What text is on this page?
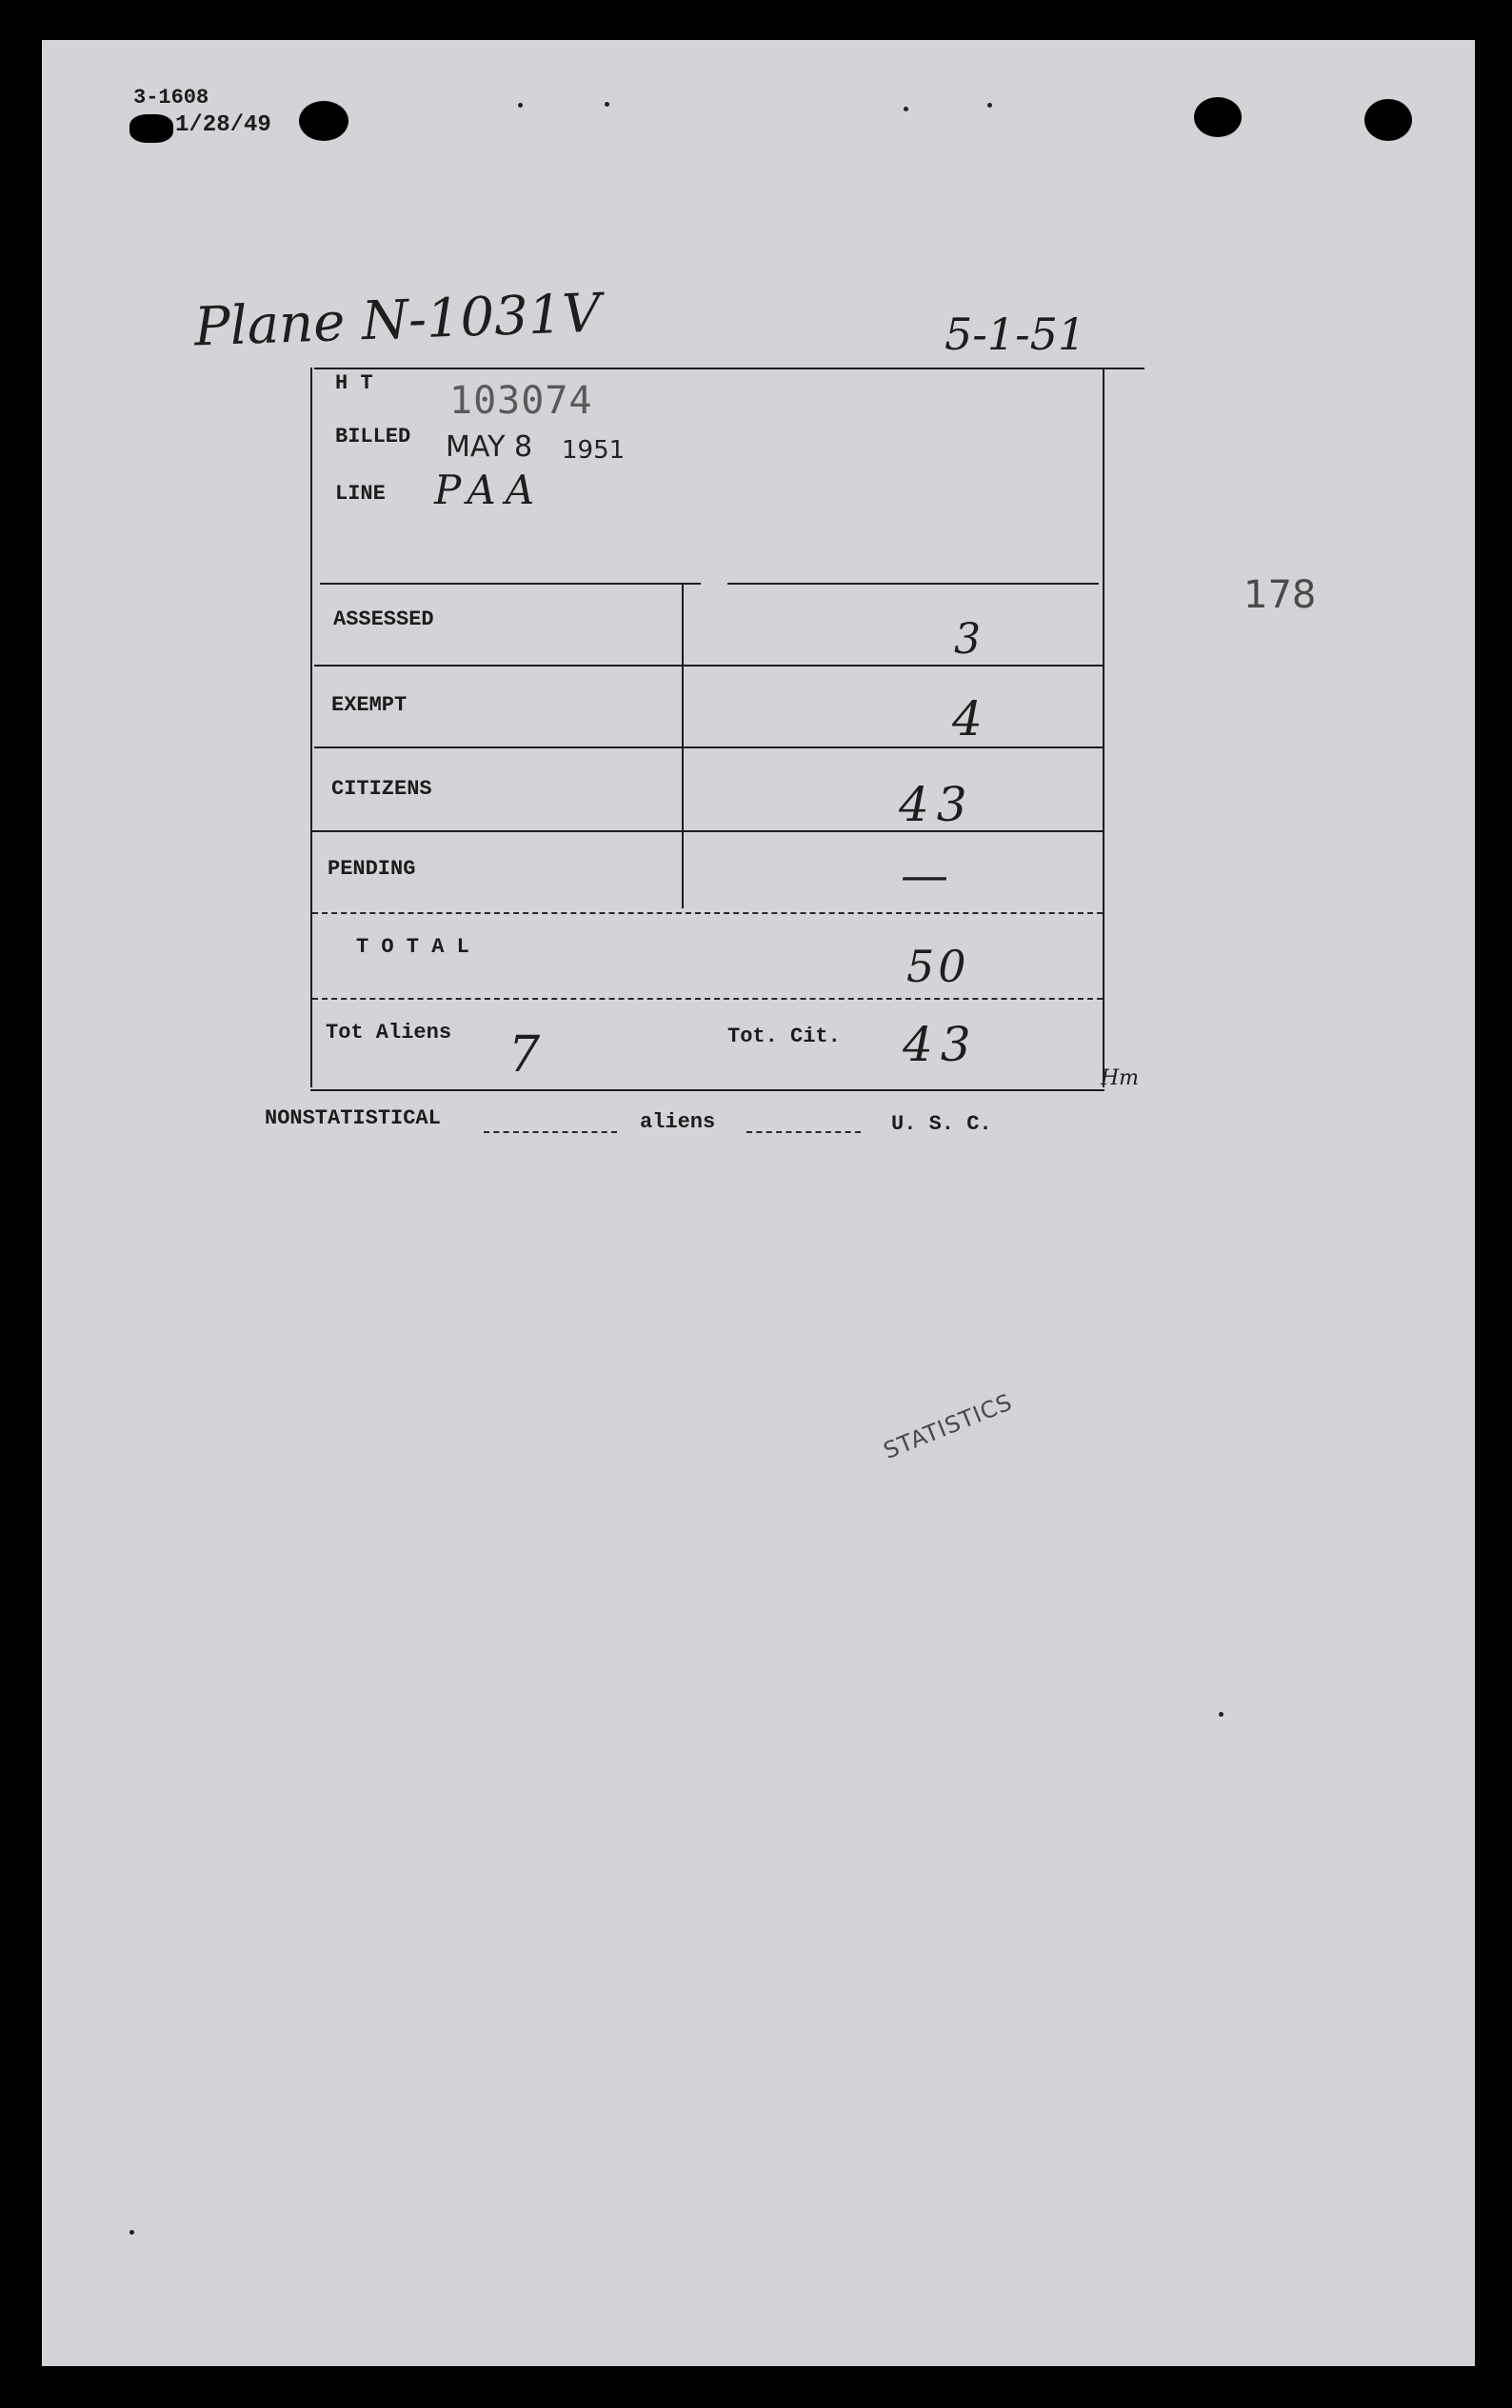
3-1608
1/28/49
Plane N-1031V	5-1-51
178
H T 103074
BILLED MAY 8 1951
LINE PAA
ASSESSED	3
EXEMPT	4
CITIZENS	43
PENDING	—
T O T A L	50
Tot Aliens 7	Tot. Cit. 43
Hm
NONSTATISTICAL	aliens	U. S. C.
STATISTICS
